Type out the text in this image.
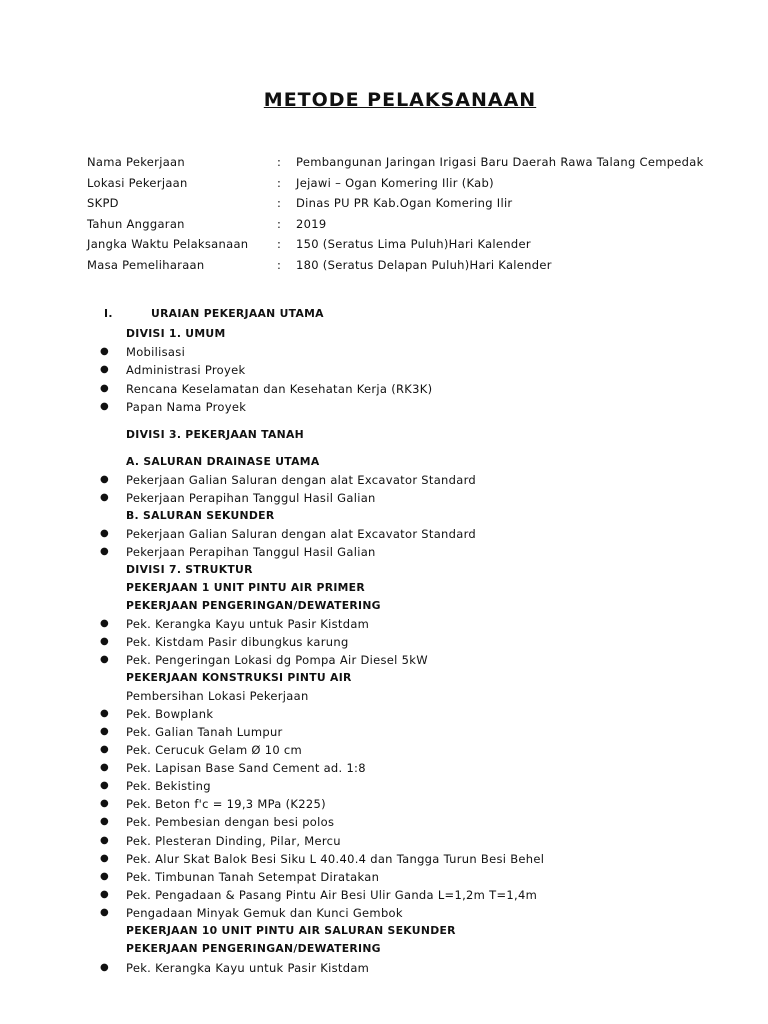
METODE PELAKSANAAN
Nama Pekerjaan	: Pembangunan Jaringan Irigasi Baru Daerah Rawa Talang Cempedak
Lokasi Pekerjaan	: Jejawi – Ogan Komering Ilir (Kab)
SKPD	: Dinas PU PR Kab.Ogan Komering Ilir
Tahun Anggaran	: 2019
Jangka Waktu Pelaksanaan : 150 (Seratus Lima Puluh)Hari Kalender
Masa Pemeliharaan	: 180 (Seratus Delapan Puluh)Hari Kalender
I.	URAIAN PEKERJAAN UTAMA
DIVISI 1. UMUM
● Mobilisasi
● Administrasi Proyek
● Rencana Keselamatan dan Kesehatan Kerja (RK3K)
● Papan Nama Proyek
DIVISI 3. PEKERJAAN TANAH
A. SALURAN DRAINASE UTAMA
● Pekerjaan Galian Saluran dengan alat Excavator Standard
● Pekerjaan Perapihan Tanggul Hasil Galian
B. SALURAN SEKUNDER
● Pekerjaan Galian Saluran dengan alat Excavator Standard
● Pekerjaan Perapihan Tanggul Hasil Galian
DIVISI 7. STRUKTUR
PEKERJAAN 1 UNIT PINTU AIR PRIMER
PEKERJAAN PENGERINGAN/DEWATERING
● Pek. Kerangka Kayu untuk Pasir Kistdam
● Pek. Kistdam Pasir dibungkus karung
● Pek. Pengeringan Lokasi dg Pompa Air Diesel 5kW
PEKERJAAN KONSTRUKSI PINTU AIR
Pembersihan Lokasi Pekerjaan
● Pek. Bowplank
● Pek. Galian Tanah Lumpur
● Pek. Cerucuk Gelam Ø 10 cm
● Pek. Lapisan Base Sand Cement ad. 1:8
● Pek. Bekisting
● Pek. Beton f'c = 19,3 MPa (K225)
● Pek. Pembesian dengan besi polos
● Pek. Plesteran Dinding, Pilar, Mercu
● Pek. Alur Skat Balok Besi Siku L 40.40.4 dan Tangga Turun Besi Behel
● Pek. Timbunan Tanah Setempat Diratakan
● Pek. Pengadaan & Pasang Pintu Air Besi Ulir Ganda L=1,2m T=1,4m
● Pengadaan Minyak Gemuk dan Kunci Gembok
PEKERJAAN 10 UNIT PINTU AIR SALURAN SEKUNDER
PEKERJAAN PENGERINGAN/DEWATERING
● Pek. Kerangka Kayu untuk Pasir Kistdam
